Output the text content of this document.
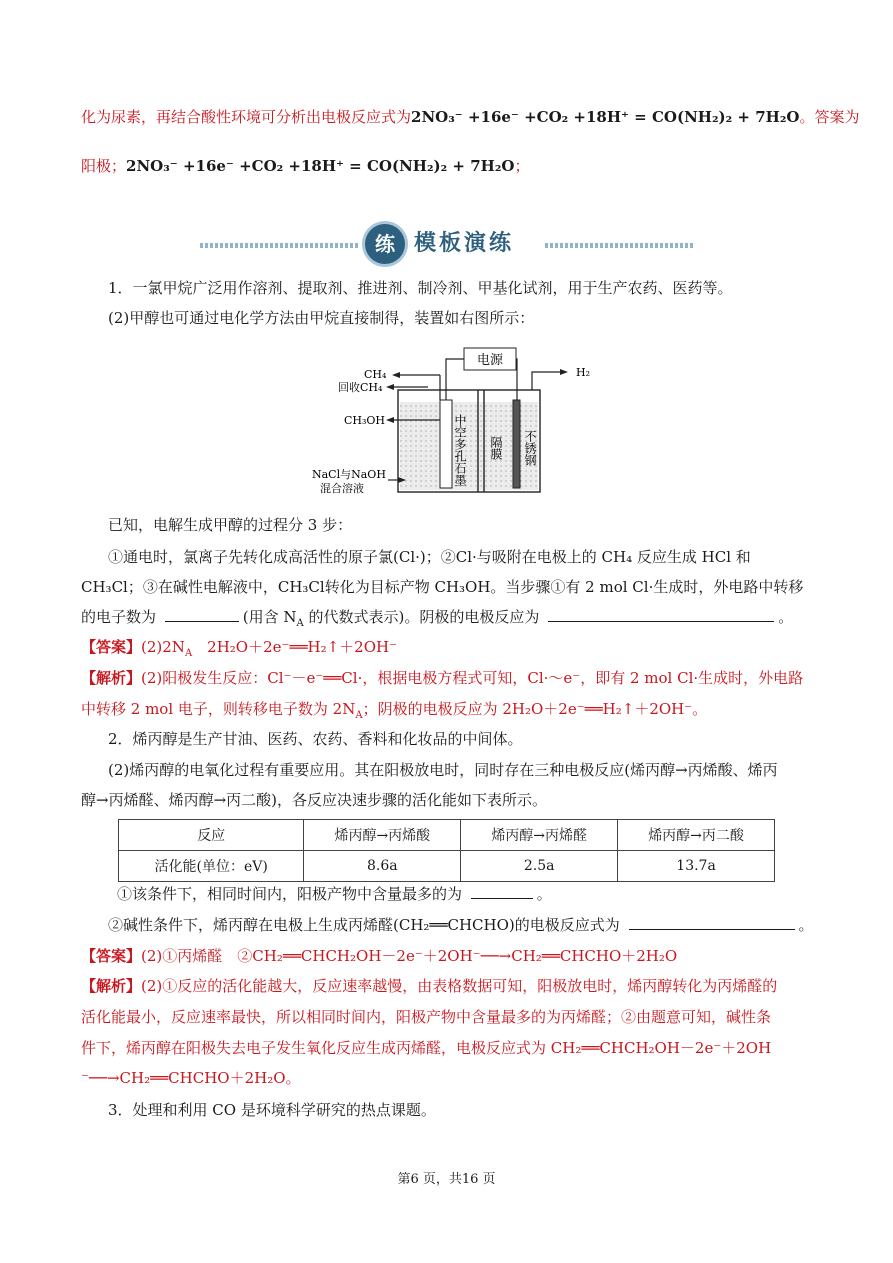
化为尿素，再结合酸性环境可分析出电极反应式为2NO₃⁻ +16e⁻ +CO₂ +18H⁺ = CO(NH₂)₂ + 7H₂O。答案为
阳极；2NO₃⁻ +16e⁻ +CO₂ +18H⁺ = CO(NH₂)₂ + 7H₂O；
练 模板演练
1．一氯甲烷广泛用作溶剂、提取剂、推进剂、制冷剂、甲基化试剂，用于生产农药、医药等。
(2)甲醇也可通过电化学方法由甲烷直接制得，装置如右图所示：
电源
H₂
CH₄
回收CH₄
CH₃OH
NaCl与NaOH
混合溶液
中空多孔石墨 隔膜 不锈钢
已知，电解生成甲醇的过程分 3 步：
①通电时，氯离子先转化成高活性的原子氯(Cl·)；②Cl·与吸附在电极上的 CH₄ 反应生成 HCl 和
CH₃Cl；③在碱性电解液中，CH₃Cl转化为目标产物 CH₃OH。当步骤①有 2 mol Cl·生成时，外电路中转移
的电子数为	(用含 $N_A$ 的代数式表示)。阴极的电极反应为	。
【答案】$(2)2N_A$　2H₂O＋2e⁻══H₂↑＋2OH⁻
【解析】(2)阳极发生反应：Cl⁻－e⁻══Cl·，根据电极方程式可知，Cl·～e⁻，即有 2 mol Cl·生成时，外电路
中转移 2 mol 电子，则转移电子数为 $2N_A$；阴极的电极反应为 2H₂O＋2e⁻══H₂↑＋2OH⁻。
2．烯丙醇是生产甘油、医药、农药、香料和化妆品的中间体。
(2)烯丙醇的电氧化过程有重要应用。其在阳极放电时，同时存在三种电极反应(烯丙醇→丙烯酸、烯丙
醇→丙烯醛、烯丙醇→丙二酸)，各反应决速步骤的活化能如下表所示。
反应	烯丙醇→丙烯酸	烯丙醇→丙烯醛	烯丙醇→丙二酸
活化能(单位：eV)	8.6a	2.5a	13.7a
①该条件下，相同时间内，阳极产物中含量最多的为	。
②碱性条件下，烯丙醇在电极上生成丙烯醛(CH₂══CHCHO)的电极反应式为	。
【答案】(2)①丙烯醛　②CH₂══CHCH₂OH－2e⁻＋2OH⁻──→CH₂══CHCHO＋2H₂O
【解析】(2)①反应的活化能越大，反应速率越慢，由表格数据可知，阳极放电时，烯丙醇转化为丙烯醛的
活化能最小，反应速率最快，所以相同时间内，阳极产物中含量最多的为丙烯醛；②由题意可知，碱性条
件下，烯丙醇在阳极失去电子发生氧化反应生成丙烯醛，电极反应式为 CH₂══CHCH₂OH－2e⁻＋2OH
⁻──→CH₂══CHCHO＋2H₂O。
3．处理和利用 CO 是环境科学研究的热点课题。
第6 页，共16 页
